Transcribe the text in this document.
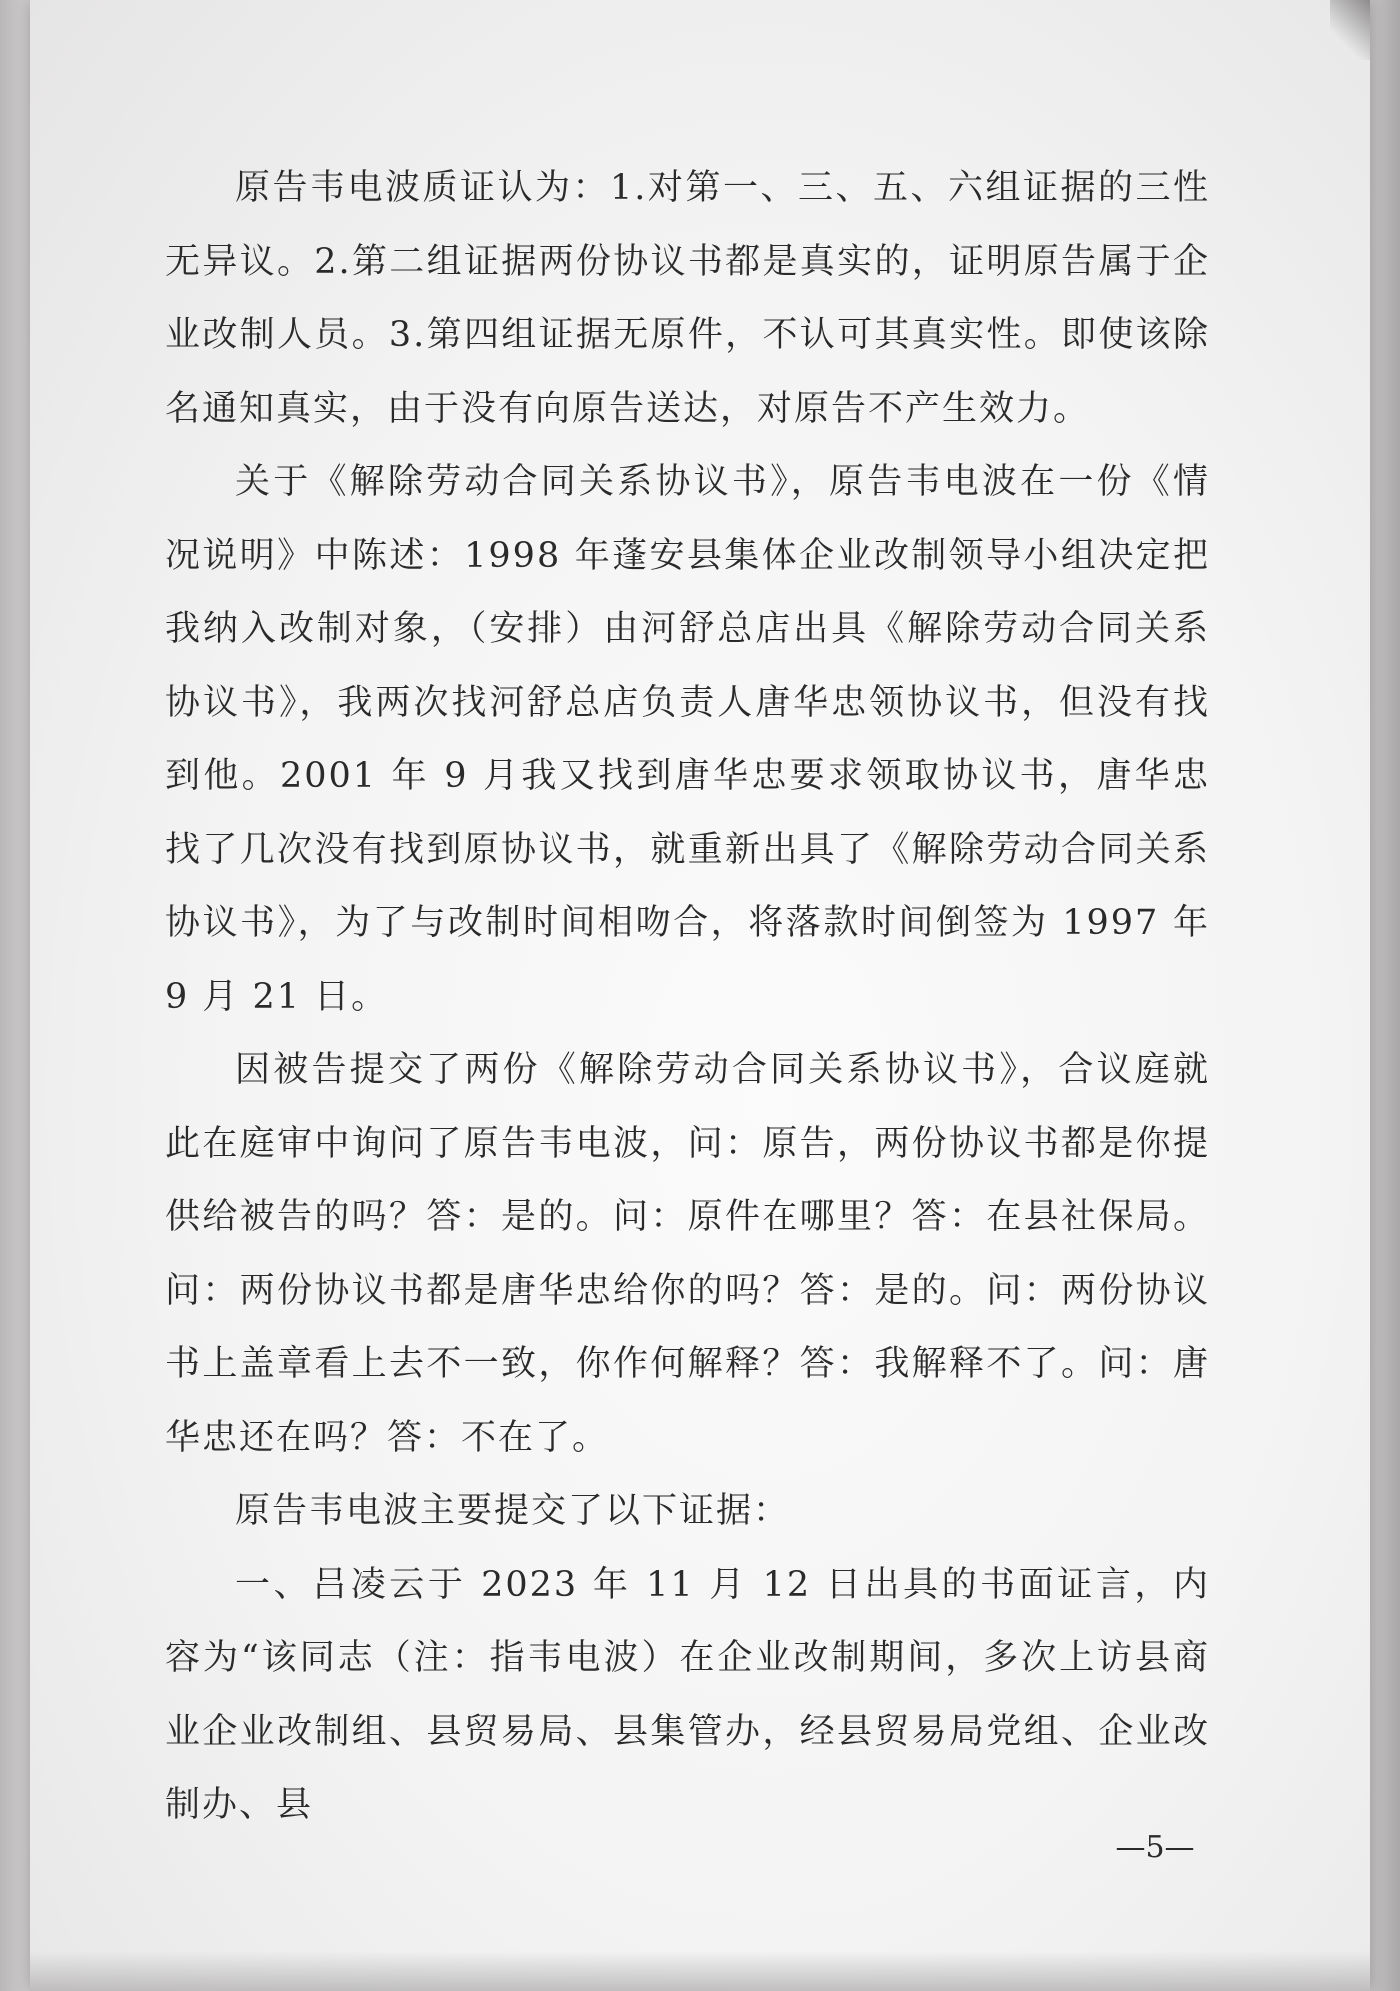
原告韦电波质证认为：1.对第一、三、五、六组证据的三性无异议。2.第二组证据两份协议书都是真实的，证明原告属于企业改制人员。3.第四组证据无原件，不认可其真实性。即使该除名通知真实，由于没有向原告送达，对原告不产生效力。

关于《解除劳动合同关系协议书》，原告韦电波在一份《情况说明》中陈述：1998 年蓬安县集体企业改制领导小组决定把我纳入改制对象，（安排）由河舒总店出具《解除劳动合同关系协议书》，我两次找河舒总店负责人唐华忠领协议书，但没有找到他。2001 年 9 月我又找到唐华忠要求领取协议书，唐华忠找了几次没有找到原协议书，就重新出具了《解除劳动合同关系协议书》，为了与改制时间相吻合，将落款时间倒签为 1997 年 9 月 21 日。

因被告提交了两份《解除劳动合同关系协议书》，合议庭就此在庭审中询问了原告韦电波，问：原告，两份协议书都是你提供给被告的吗？答：是的。问：原件在哪里？答：在县社保局。问：两份协议书都是唐华忠给你的吗？答：是的。问：两份协议书上盖章看上去不一致，你作何解释？答：我解释不了。问：唐华忠还在吗？答：不在了。

原告韦电波主要提交了以下证据：

一、吕凌云于 2023 年 11 月 12 日出具的书面证言，内容为“该同志（注：指韦电波）在企业改制期间，多次上访县商业企业改制组、县贸易局、县集管办，经县贸易局党组、企业改制办、县

—5—
